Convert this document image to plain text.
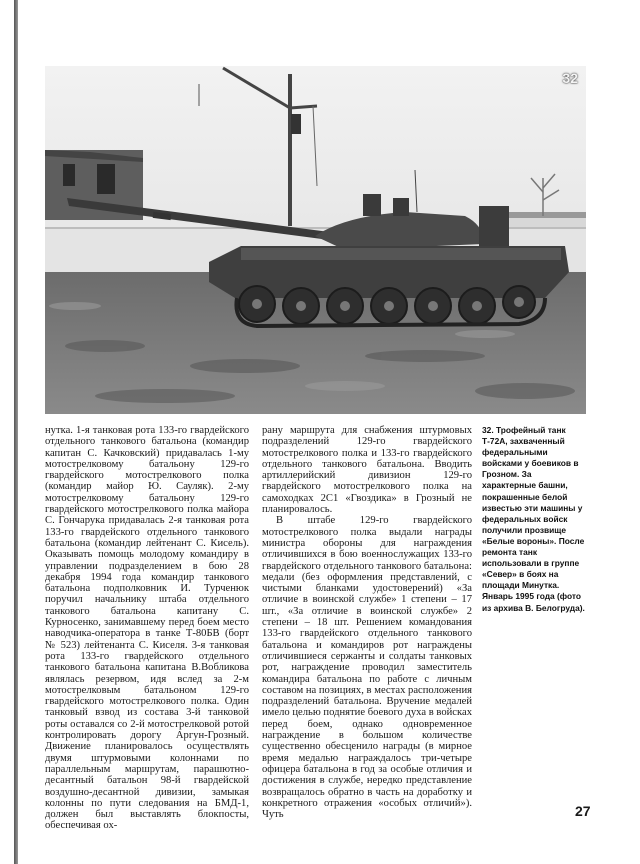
32

нутка. 1-я танковая рота 133-го гвардейского отдельного танкового батальона (командир капитан С. Качковский) придавалась 1-му мотострелковому батальону 129-го гвардейского мотострелкового полка (командир майор Ю. Сауляк). 2-му мотострелковому батальону 129-го гвардейского мотострелкового полка майора С. Гончарука придавалась 2-я танковая рота 133-го гвардейского отдельного танкового батальона (командир лейтенант С. Кисель). Оказывать помощь молодому командиру в управлении подразделением в бою 28 декабря 1994 года командир танкового батальона подполковник И. Турченюк поручил начальнику штаба отдельного танкового батальона капитану С. Курносенко, занимавшему перед боем место наводчика-оператора в танке Т-80БВ (борт № 523) лейтенанта С. Киселя. 3-я танковая рота 133-го гвардейского отдельного танкового батальона капитана В.Вобликова являлась резервом, идя вслед за 2-м мотострелковым батальоном 129-го гвардейского мотострелкового полка. Один танковый взвод из состава 3-й танковой роты оставался со 2-й мотострелковой ротой контролировать дорогу Аргун-Грозный. Движение планировалось осуществлять двумя штурмовыми колоннами по параллельным маршрутам, парашютно-десантный батальон 98-й гвардейской воздушно-десантной дивизии, замыкая колонны по пути следования на БМД-1, должен был выставлять блокпосты, обеспечивая ох-

рану маршрута для снабжения штурмовых подразделений 129-го гвардейского мотострелкового полка и 133-го гвардейского отдельного танкового батальона. Вводить артиллерийский дивизион 129-го гвардейского мотострелкового полка на самоходках 2С1 «Гвоздика» в Грозный не планировалось.

В штабе 129-го гвардейского мотострелкового полка выдали награды министра обороны для награждения отличившихся в бою военнослужащих 133-го гвардейского отдельного танкового батальона: медали (без оформления представлений, с чистыми бланками удостоверений) «За отличие в воинской службе» 1 степени – 17 шт., «За отличие в воинской службе» 2 степени – 18 шт. Решением командования 133-го гвардейского отдельного танкового батальона и командиров рот награждены отличившиеся сержанты и солдаты танковых рот, награждение проводил заместитель командира батальона по работе с личным составом на позициях, в местах расположения подразделений батальона. Вручение медалей имело целью поднятие боевого духа в войсках перед боем, однако одновременное награждение в большом количестве существенно обесценило награды (в мирное время медалью награждалось три-четыре офицера батальона в год за особые отличия и достижения в службе, нередко представление возвращалось обратно в часть на доработку и конкретного отражения «особых отличий»). Чуть

32. Трофейный танк Т-72А, захваченный федеральными войсками у боевиков в Грозном. За характерные башни, покрашенные белой известью эти машины у федеральных войск получили прозвище «Белые вороны». После ремонта танк использовали в группе «Север» в боях на площади Минутка. Январь 1995 года (фото из архива В. Белогруда).
27
